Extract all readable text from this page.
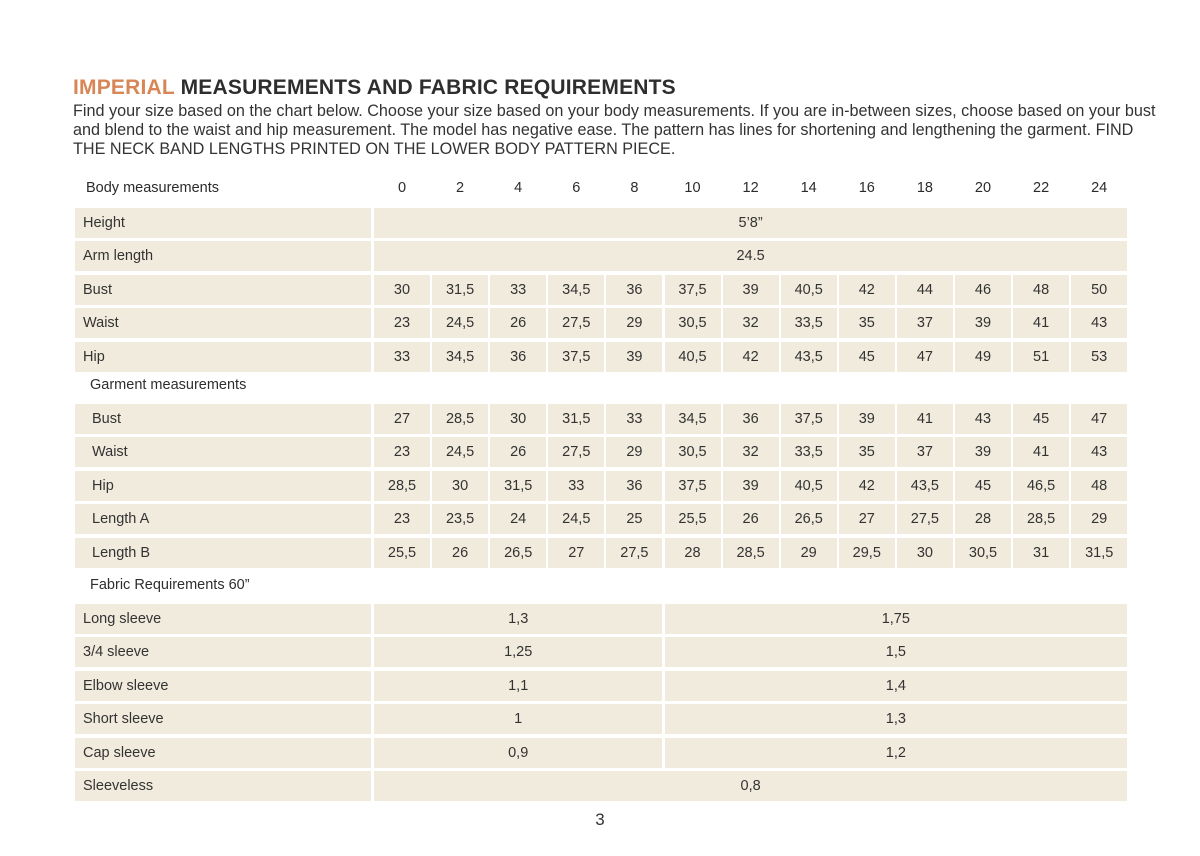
IMPERIAL MEASUREMENTS AND FABRIC REQUIREMENTS
Find your size based on the chart below. Choose your size based on your body measurements. If you are in-between sizes, choose based on your bust and blend to the waist and hip measurement. The model has negative ease. The pattern has lines for shortening and lengthening the garment. FIND THE NECK BAND LENGTHS PRINTED ON THE LOWER BODY PATTERN PIECE.
Body measurements	0	2	4	6	8	10	12	14	16	18	20	22	24
Height	5’8”
Arm length	24.5
Bust	30	31,5	33	34,5	36	37,5	39	40,5	42	44	46	48	50
Waist	23	24,5	26	27,5	29	30,5	32	33,5	35	37	39	41	43
Hip	33	34,5	36	37,5	39	40,5	42	43,5	45	47	49	51	53
Garment measurements
Bust	27	28,5	30	31,5	33	34,5	36	37,5	39	41	43	45	47
Waist	23	24,5	26	27,5	29	30,5	32	33,5	35	37	39	41	43
Hip	28,5	30	31,5	33	36	37,5	39	40,5	42	43,5	45	46,5	48
Length A	23	23,5	24	24,5	25	25,5	26	26,5	27	27,5	28	28,5	29
Length B	25,5	26	26,5	27	27,5	28	28,5	29	29,5	30	30,5	31	31,5
Fabric Requirements 60”
Long sleeve	1,3	1,75
3/4 sleeve	1,25	1,5
Elbow sleeve	1,1	1,4
Short sleeve	1	1,3
Cap sleeve	0,9	1,2
Sleeveless	0,8
3
